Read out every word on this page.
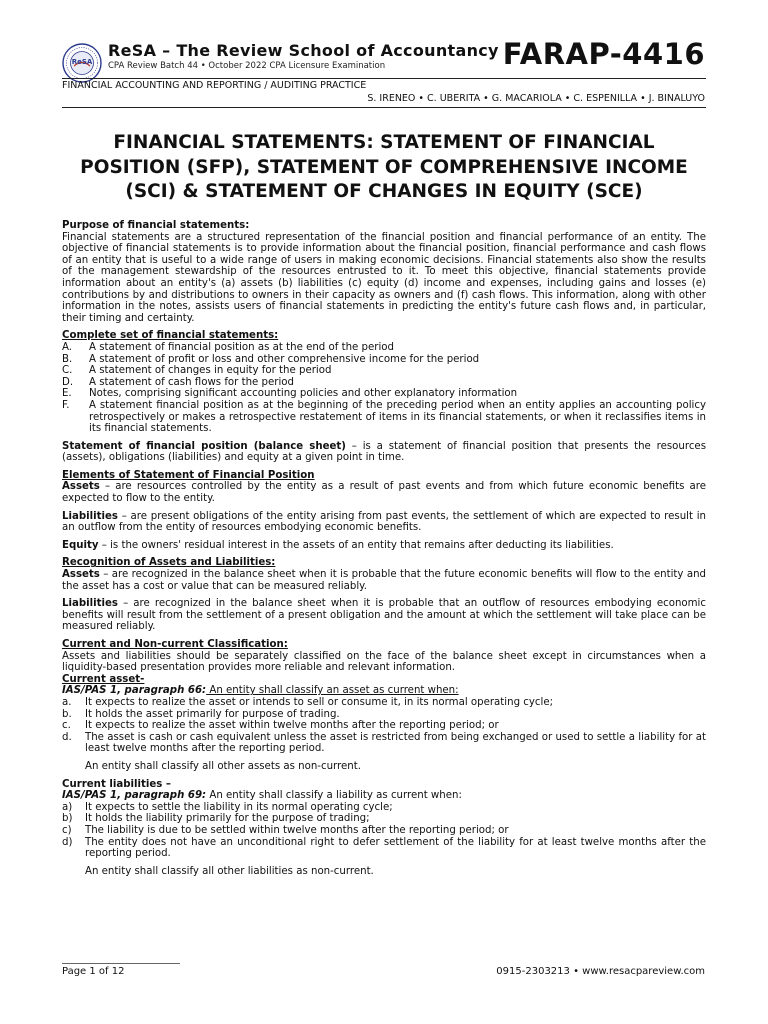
ReSA
ReSA – The Review School of Accountancy
CPA Review Batch 44 • October 2022 CPA Licensure Examination	FARAP-4416
FINANCIAL ACCOUNTING AND REPORTING / AUDITING PRACTICE
S. IRENEO • C. UBERITA • G. MACARIOLA • C. ESPENILLA • J. BINALUYO
FINANCIAL STATEMENTS: STATEMENT OF FINANCIAL
POSITION (SFP), STATEMENT OF COMPREHENSIVE INCOME
(SCI) & STATEMENT OF CHANGES IN EQUITY (SCE)
Purpose of financial statements:
Financial statements are a structured representation of the financial position and financial performance of an entity. The objective of financial statements is to provide information about the financial position, financial performance and cash flows of an entity that is useful to a wide range of users in making economic decisions. Financial statements also show the results of the management stewardship of the resources entrusted to it. To meet this objective, financial statements provide information about an entity's (a) assets (b) liabilities (c) equity (d) income and expenses, including gains and losses (e) contributions by and distributions to owners in their capacity as owners and (f) cash flows. This information, along with other information in the notes, assists users of financial statements in predicting the entity's future cash flows and, in particular, their timing and certainty.
Complete set of financial statements:
A.	A statement of financial position as at the end of the period
B.	A statement of profit or loss and other comprehensive income for the period
C.	A statement of changes in equity for the period
D.	A statement of cash flows for the period
E.	Notes, comprising significant accounting policies and other explanatory information
F.	A statement financial position as at the beginning of the preceding period when an entity applies an accounting policy retrospectively or makes a retrospective restatement of items in its financial statements, or when it reclassifies items in its financial statements.
Statement of financial position (balance sheet) – is a statement of financial position that presents the resources (assets), obligations (liabilities) and equity at a given point in time.
Elements of Statement of Financial Position
Assets – are resources controlled by the entity as a result of past events and from which future economic benefits are expected to flow to the entity.
Liabilities – are present obligations of the entity arising from past events, the settlement of which are expected to result in an outflow from the entity of resources embodying economic benefits.
Equity – is the owners' residual interest in the assets of an entity that remains after deducting its liabilities.
Recognition of Assets and Liabilities:
Assets – are recognized in the balance sheet when it is probable that the future economic benefits will flow to the entity and the asset has a cost or value that can be measured reliably.
Liabilities – are recognized in the balance sheet when it is probable that an outflow of resources embodying economic benefits will result from the settlement of a present obligation and the amount at which the settlement will take place can be measured reliably.
Current and Non-current Classification:
Assets and liabilities should be separately classified on the face of the balance sheet except in circumstances when a liquidity-based presentation provides more reliable and relevant information.
Current asset-
IAS/PAS 1, paragraph 66: An entity shall classify an asset as current when:
a.	It expects to realize the asset or intends to sell or consume it, in its normal operating cycle;
b.	It holds the asset primarily for purpose of trading.
c.	It expects to realize the asset within twelve months after the reporting period; or
d.	The asset is cash or cash equivalent unless the asset is restricted from being exchanged or used to settle a liability for at least twelve months after the reporting period.
An entity shall classify all other assets as non-current.
Current liabilities –
IAS/PAS 1, paragraph 69: An entity shall classify a liability as current when:
a)	It expects to settle the liability in its normal operating cycle;
b)	It holds the liability primarily for the purpose of trading;
c)	The liability is due to be settled within twelve months after the reporting period; or
d)	The entity does not have an unconditional right to defer settlement of the liability for at least twelve months after the reporting period.
An entity shall classify all other liabilities as non-current.
Page 1 of 12	0915-2303213 • www.resacpareview.com
